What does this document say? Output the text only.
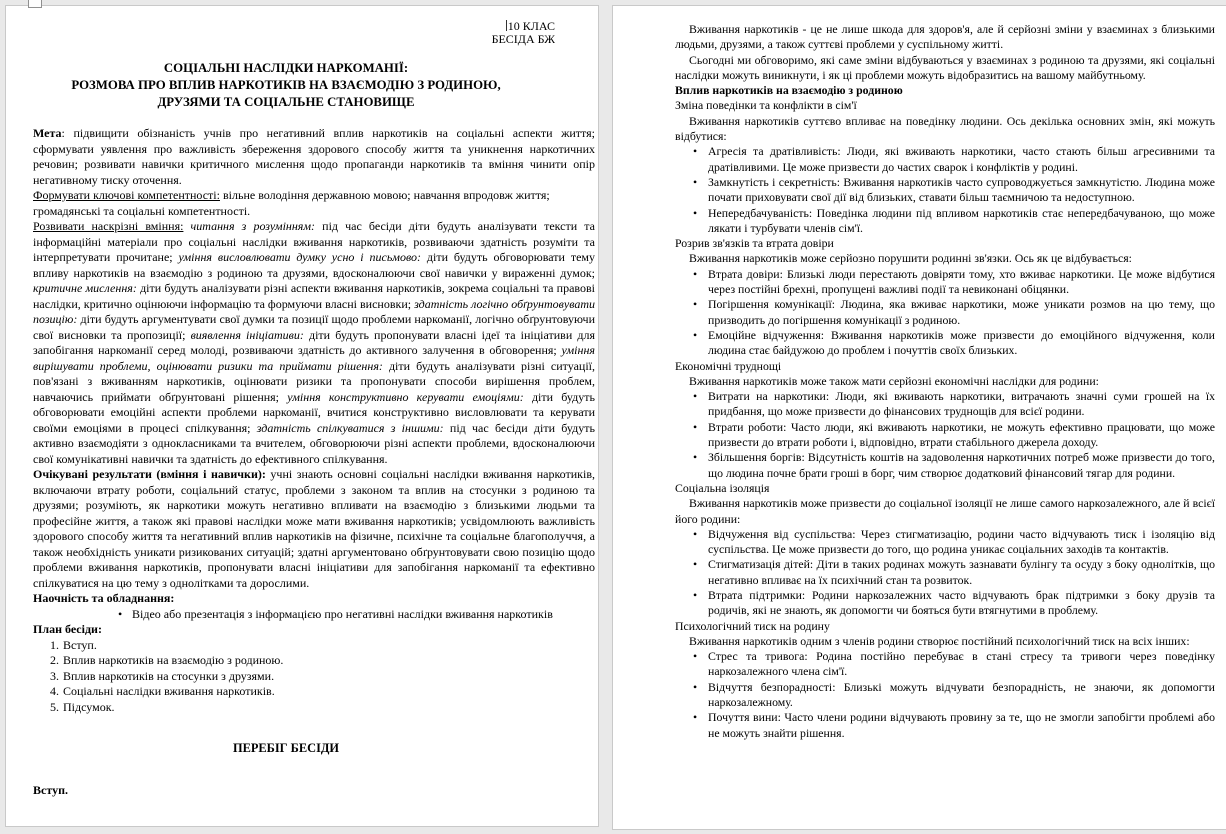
10 КЛАС
БЕСІДА БЖ
СОЦІАЛЬНІ НАСЛІДКИ НАРКОМАНІЇ:
РОЗМОВА ПРО ВПЛИВ НАРКОТИКІВ НА ВЗАЄМОДІЮ З РОДИНОЮ,
ДРУЗЯМИ ТА СОЦІАЛЬНЕ СТАНОВИЩЕ

Мета: підвищити обізнаність учнів про негативний вплив наркотиків на соціальні аспекти життя; сформувати уявлення про важливість збереження здорового способу життя та уникнення наркотичних речовин; розвивати навички критичного мислення щодо пропаганди наркотиків та вміння чинити опір негативному тиску оточення.

Формувати ключові компетентності: вільне володіння державною мовою; навчання впродовж життя; громадянські та соціальні компетентності.

Розвивати наскрізні вміння: читання з розумінням: під час бесіди діти будуть аналізувати тексти та інформаційні матеріали про соціальні наслідки вживання наркотиків, розвиваючи здатність розуміти та інтерпретувати прочитане; уміння висловлювати думку усно і письмово: діти будуть обговорювати тему впливу наркотиків на взаємодію з родиною та друзями, вдосконалюючи свої навички у вираженні думок; критичне мислення: діти будуть аналізувати різні аспекти вживання наркотиків, зокрема соціальні та правові наслідки, критично оцінюючи інформацію та формуючи власні висновки; здатність логічно обґрунтовувати позицію: діти будуть аргументувати свої думки та позиції щодо проблеми наркоманії, логічно обґрунтовуючи свої висновки та пропозиції; виявлення ініціативи: діти будуть пропонувати власні ідеї та ініціативи для запобігання наркоманії серед молоді, розвиваючи здатність до активного залучення в обговорення; уміння вирішувати проблеми, оцінювати ризики та приймати рішення: діти будуть аналізувати різні ситуації, пов'язані з вживанням наркотиків, оцінювати ризики та пропонувати способи вирішення проблем, навчаючись приймати обґрунтовані рішення; уміння конструктивно керувати емоціями: діти будуть обговорювати емоційні аспекти проблеми наркоманії, вчитися конструктивно висловлювати та керувати своїми емоціями в процесі спілкування; здатність спілкуватися з іншими: під час бесіди діти будуть активно взаємодіяти з однокласниками та вчителем, обговорюючи різні аспекти проблеми, вдосконалюючи свої комунікативні навички та здатність до ефективного спілкування.

Очікувані результати (вміння і навички): учні знають основні соціальні наслідки вживання наркотиків, включаючи втрату роботи, соціальний статус, проблеми з законом та вплив на стосунки з родиною та друзями; розуміють, як наркотики можуть негативно впливати на взаємодію з близькими людьми та професійне життя, а також які правові наслідки може мати вживання наркотиків; усвідомлюють важливість здорового способу життя та негативний вплив наркотиків на фізичне, психічне та соціальне благополуччя, а також необхідність уникати ризикованих ситуацій; здатні аргументовано обґрунтовувати свою позицію щодо проблеми вживання наркотиків, пропонувати власні ініціативи для запобігання наркоманії та ефективно спілкуватися на цю тему з однолітками та дорослими.

Наочність та обладнання:
• Відео або презентація з інформацією про негативні наслідки вживання наркотиків
План бесіди:
Вступ.
Вплив наркотиків на взаємодію з родиною.
Вплив наркотиків на стосунки з друзями.
Соціальні наслідки вживання наркотиків.
Підсумок.
ПЕРЕБІГ БЕСІДИ
Вступ.

Вживання наркотиків - це не лише шкода для здоров'я, але й серйозні зміни у взаєминах з близькими людьми, друзями, а також суттєві проблеми у суспільному житті.

Сьогодні ми обговоримо, які саме зміни відбуваються у взаєминах з родиною та друзями, які соціальні наслідки можуть виникнути, і як ці проблеми можуть відобразитись на вашому майбутньому.

Вплив наркотиків на взаємодію з родиною
Зміна поведінки та конфлікти в сім'ї

Вживання наркотиків суттєво впливає на поведінку людини. Ось декілька основних змін, які можуть відбутися:

• Агресія та дратівливість: Люди, які вживають наркотики, часто стають більш агресивними та дратівливими. Це може призвести до частих сварок і конфліктів у родині.
• Замкнутість і секретність: Вживання наркотиків часто супроводжується замкнутістю. Людина може почати приховувати свої дії від близьких, ставати більш таємничою та недоступною.
• Непередбачуваність: Поведінка людини під впливом наркотиків стає непередбачуваною, що може лякати і турбувати членів сім'ї.
Розрив зв'язків та втрата довіри

Вживання наркотиків може серйозно порушити родинні зв'язки. Ось як це відбувається:

• Втрата довіри: Близькі люди перестають довіряти тому, хто вживає наркотики. Це може відбутися через постійні брехні, пропущені важливі події та невиконані обіцянки.
• Погіршення комунікації: Людина, яка вживає наркотики, може уникати розмов на цю тему, що призводить до погіршення комунікації з родиною.
• Емоційне відчуження: Вживання наркотиків може призвести до емоційного відчуження, коли людина стає байдужою до проблем і почуттів своїх близьких.
Економічні труднощі

Вживання наркотиків може також мати серйозні економічні наслідки для родини:

• Витрати на наркотики: Люди, які вживають наркотики, витрачають значні суми грошей на їх придбання, що може призвести до фінансових труднощів для всієї родини.
• Втрати роботи: Часто люди, які вживають наркотики, не можуть ефективно працювати, що може призвести до втрати роботи і, відповідно, втрати стабільного джерела доходу.
• Збільшення боргів: Відсутність коштів на задоволення наркотичних потреб може призвести до того, що людина почне брати гроші в борг, чим створює додатковий фінансовий тягар для родини.
Соціальна ізоляція

Вживання наркотиків може призвести до соціальної ізоляції не лише самого наркозалежного, але й всієї його родини:

• Відчуження від суспільства: Через стигматизацію, родини часто відчувають тиск і ізоляцію від суспільства. Це може призвести до того, що родина уникає соціальних заходів та контактів.
• Стигматизація дітей: Діти в таких родинах можуть зазнавати булінгу та осуду з боку однолітків, що негативно впливає на їх психічний стан та розвиток.
• Втрата підтримки: Родини наркозалежних часто відчувають брак підтримки з боку друзів та родичів, які не знають, як допомогти чи бояться бути втягнутими в проблему.
Психологічний тиск на родину

Вживання наркотиків одним з членів родини створює постійний психологічний тиск на всіх інших:

• Стрес та тривога: Родина постійно перебуває в стані стресу та тривоги через поведінку наркозалежного члена сім'ї.
• Відчуття безпорадності: Близькі можуть відчувати безпорадність, не знаючи, як допомогти наркозалежному.
• Почуття вини: Часто члени родини відчувають провину за те, що не змогли запобігти проблемі або не можуть знайти рішення.
